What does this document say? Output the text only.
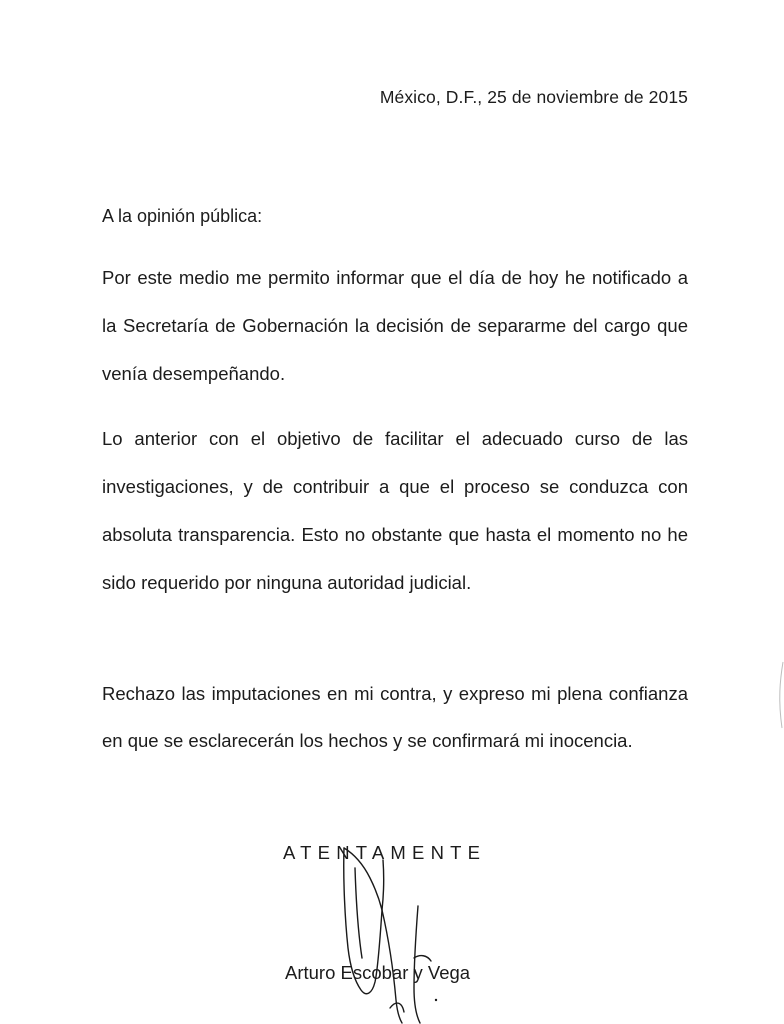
México, D.F., 25 de noviembre de 2015
A la opinión pública:

Por este medio me permito informar que el día de hoy he notificado a la Secretaría de Gobernación la decisión de separarme del cargo que venía desempeñando.

Lo anterior con el objetivo de facilitar el adecuado curso de las investigaciones, y de contribuir a que el proceso se conduzca con absoluta transparencia. Esto no obstante que hasta el momento no he sido requerido por ninguna autoridad judicial.

Rechazo las imputaciones en mi contra, y expreso mi plena confianza en que se esclarecerán los hechos y se confirmará mi inocencia.

ATENTAMENTE
Arturo Escobar y Vega
